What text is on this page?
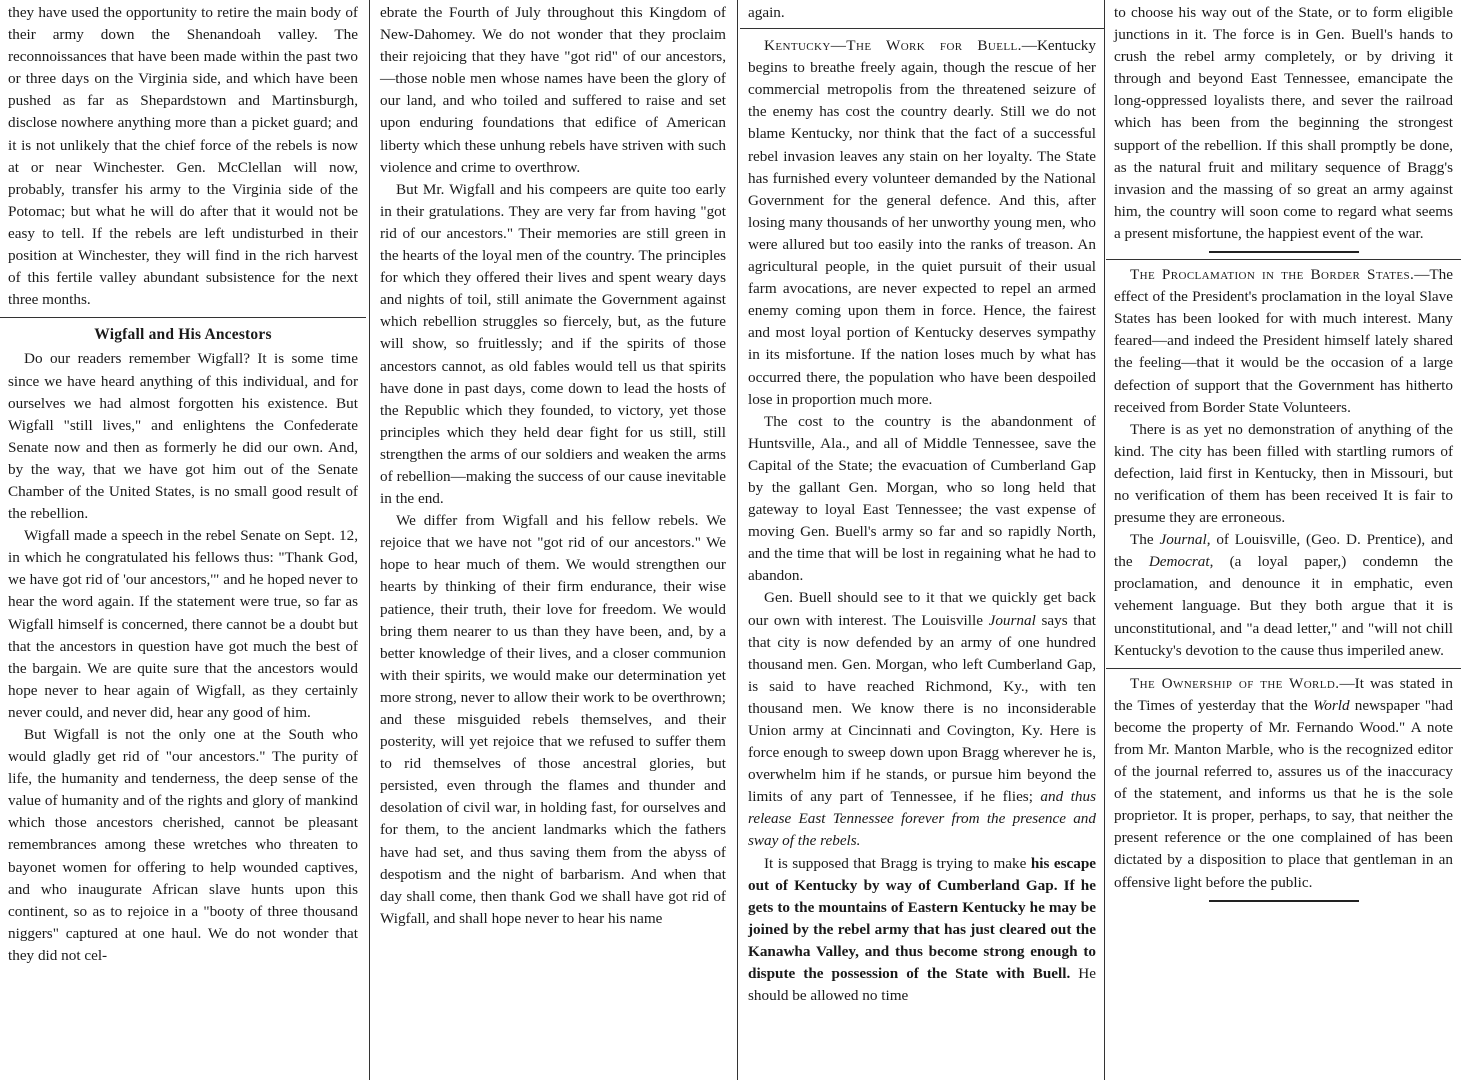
they have used the opportunity to retire the main body of their army down the Shenandoah valley. The reconnoissances that have been made within the past two or three days on the Virginia side, and which have been pushed as far as Shepardstown and Martinsburgh, disclose nowhere anything more than a picket guard; and it is not unlikely that the chief force of the rebels is now at or near Winchester. Gen. McClellan will now, probably, transfer his army to the Virginia side of the Potomac; but what he will do after that it would not be easy to tell. If the rebels are left undisturbed in their position at Winchester, they will find in the rich harvest of this fertile valley abundant subsistence for the next three months.

Wigfall and His Ancestors

Do our readers remember Wigfall? It is some time since we have heard anything of this individual, and for ourselves we had almost forgotten his existence. But Wigfall "still lives," and enlightens the Confederate Senate now and then as formerly he did our own. And, by the way, that we have got him out of the Senate Chamber of the United States, is no small good result of the rebellion.

Wigfall made a speech in the rebel Senate on Sept. 12, in which he congratulated his fellows thus: "Thank God, we have got rid of 'our ancestors,'" and he hoped never to hear the word again. If the statement were true, so far as Wigfall himself is concerned, there cannot be a doubt but that the ancestors in question have got much the best of the bargain. We are quite sure that the ancestors would hope never to hear again of Wigfall, as they certainly never could, and never did, hear any good of him.

But Wigfall is not the only one at the South who would gladly get rid of "our ancestors." The purity of life, the humanity and tenderness, the deep sense of the value of humanity and of the rights and glory of mankind which those ancestors cherished, cannot be pleasant remembrances among these wretches who threaten to bayonet women for offering to help wounded captives, and who inaugurate African slave hunts upon this continent, so as to rejoice in a "booty of three thousand niggers" captured at one haul. We do not wonder that they did not cel-

ebrate the Fourth of July throughout this Kingdom of New-Dahomey. We do not wonder that they proclaim their rejoicing that they have "got rid" of our ancestors,—those noble men whose names have been the glory of our land, and who toiled and suffered to raise and set upon enduring foundations that edifice of American liberty which these unhung rebels have striven with such violence and crime to overthrow.

But Mr. Wigfall and his compeers are quite too early in their gratulations. They are very far from having "got rid of our ancestors." Their memories are still green in the hearts of the loyal men of the country. The principles for which they offered their lives and spent weary days and nights of toil, still animate the Government against which rebellion struggles so fiercely, but, as the future will show, so fruitlessly; and if the spirits of those ancestors cannot, as old fables would tell us that spirits have done in past days, come down to lead the hosts of the Republic which they founded, to victory, yet those principles which they held dear fight for us still, still strengthen the arms of our soldiers and weaken the arms of rebellion—making the success of our cause inevitable in the end.

We differ from Wigfall and his fellow rebels. We rejoice that we have not "got rid of our ancestors." We hope to hear much of them. We would strengthen our hearts by thinking of their firm endurance, their wise patience, their truth, their love for freedom. We would bring them nearer to us than they have been, and, by a better knowledge of their lives, and a closer communion with their spirits, we would make our determination yet more strong, never to allow their work to be overthrown; and these misguided rebels themselves, and their posterity, will yet rejoice that we refused to suffer them to rid themselves of those ancestral glories, but persisted, even through the flames and thunder and desolation of civil war, in holding fast, for ourselves and for them, to the ancient landmarks which the fathers have had set, and thus saving them from the abyss of despotism and the night of barbarism. And when that day shall come, then thank God we shall have got rid of Wigfall, and shall hope never to hear his name

again.

Kentucky—The Work for Buell.—Kentucky begins to breathe freely again, though the rescue of her commercial metropolis from the threatened seizure of the enemy has cost the country dearly. Still we do not blame Kentucky, nor think that the fact of a successful rebel invasion leaves any stain on her loyalty. The State has furnished every volunteer demanded by the National Government for the general defence. And this, after losing many thousands of her unworthy young men, who were allured but too easily into the ranks of treason. An agricultural people, in the quiet pursuit of their usual farm avocations, are never expected to repel an armed enemy coming upon them in force. Hence, the fairest and most loyal portion of Kentucky deserves sympathy in its misfortune. If the nation loses much by what has occurred there, the population who have been despoiled lose in proportion much more.

The cost to the country is the abandonment of Huntsville, Ala., and all of Middle Tennessee, save the Capital of the State; the evacuation of Cumberland Gap by the gallant Gen. Morgan, who so long held that gateway to loyal East Tennessee; the vast expense of moving Gen. Buell's army so far and so rapidly North, and the time that will be lost in regaining what he had to abandon.

Gen. Buell should see to it that we quickly get back our own with interest. The Louisville Journal says that that city is now defended by an army of one hundred thousand men. Gen. Morgan, who left Cumberland Gap, is said to have reached Richmond, Ky., with ten thousand men. We know there is no inconsiderable Union army at Cincinnati and Covington, Ky. Here is force enough to sweep down upon Bragg wherever he is, overwhelm him if he stands, or pursue him beyond the limits of any part of Tennessee, if he flies; and thus release East Tennessee forever from the presence and sway of the rebels.

It is supposed that Bragg is trying to make his escape out of Kentucky by way of Cumberland Gap. If he gets to the mountains of Eastern Kentucky he may be joined by the rebel army that has just cleared out the Kanawha Valley, and thus become strong enough to dispute the possession of the State with Buell. He should be allowed no time

to choose his way out of the State, or to form eligible junctions in it. The force is in Gen. Buell's hands to crush the rebel army completely, or by driving it through and beyond East Tennessee, emancipate the long-oppressed loyalists there, and sever the railroad which has been from the beginning the strongest support of the rebellion. If this shall promptly be done, as the natural fruit and military sequence of Bragg's invasion and the massing of so great an army against him, the country will soon come to regard what seems a present misfortune, the happiest event of the war.

The Proclamation in the Border States.—The effect of the President's proclamation in the loyal Slave States has been looked for with much interest. Many feared—and indeed the President himself lately shared the feeling—that it would be the occasion of a large defection of support that the Government has hitherto received from Border State Volunteers.

There is as yet no demonstration of anything of the kind. The city has been filled with startling rumors of defection, laid first in Kentucky, then in Missouri, but no verification of them has been received It is fair to presume they are erroneous.

The Journal, of Louisville, (Geo. D. Prentice), and the Democrat, (a loyal paper,) condemn the proclamation, and denounce it in emphatic, even vehement language. But they both argue that it is unconstitutional, and "a dead letter," and "will not chill Kentucky's devotion to the cause thus imperiled anew.

The Ownership of the World.—It was stated in the Times of yesterday that the World newspaper "had become the property of Mr. Fernando Wood." A note from Mr. Manton Marble, who is the recognized editor of the journal referred to, assures us of the inaccuracy of the statement, and informs us that he is the sole proprietor. It is proper, perhaps, to say, that neither the present reference or the one complained of has been dictated by a disposition to place that gentleman in an offensive light before the public.
